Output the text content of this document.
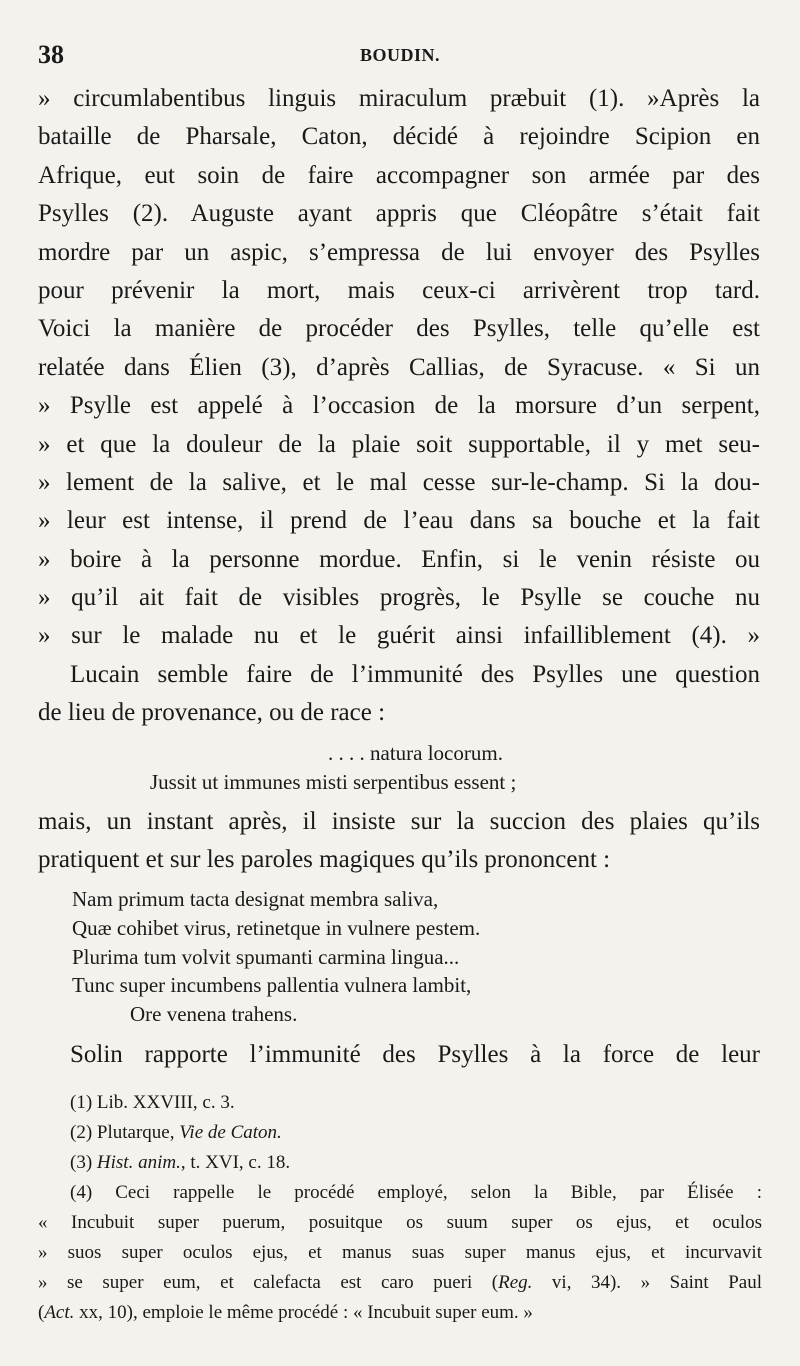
38	BOUDIN.
» circumlabentibus linguis miraculum præbuit (1). »Après la
bataille de Pharsale, Caton, décidé à rejoindre Scipion en
Afrique, eut soin de faire accompagner son armée par des
Psylles (2). Auguste ayant appris que Cléopâtre s’était fait
mordre par un aspic, s’empressa de lui envoyer des Psylles
pour prévenir la mort, mais ceux-ci arrivèrent trop tard.
Voici la manière de procéder des Psylles, telle qu’elle est
relatée dans Élien (3), d’après Callias, de Syracuse. « Si un
» Psylle est appelé à l’occasion de la morsure d’un serpent,
» et que la douleur de la plaie soit supportable, il y met seu-
» lement de la salive, et le mal cesse sur-le-champ. Si la dou-
» leur est intense, il prend de l’eau dans sa bouche et la fait
» boire à la personne mordue. Enfin, si le venin résiste ou
» qu’il ait fait de visibles progrès, le Psylle se couche nu
» sur le malade nu et le guérit ainsi infailliblement (4). »
Lucain semble faire de l’immunité des Psylles une question
de lieu de provenance, ou de race :
. . . . natura locorum.
Jussit ut immunes misti serpentibus essent ;
mais, un instant après, il insiste sur la succion des plaies qu’ils
pratiquent et sur les paroles magiques qu’ils prononcent :
Nam primum tacta designat membra saliva,
Quæ cohibet virus, retinetque in vulnere pestem.
Plurima tum volvit spumanti carmina lingua...
Tunc super incumbens pallentia vulnera lambit,
Ore venena trahens.
Solin rapporte l’immunité des Psylles à la force de leur
(1) Lib. XXVIII, c. 3.
(2) Plutarque, Vie de Caton.
(3) Hist. anim., t. XVI, c. 18.
(4) Ceci rappelle le procédé employé, selon la Bible, par Élisée :
« Incubuit super puerum, posuitque os suum super os ejus, et oculos
» suos super oculos ejus, et manus suas super manus ejus, et incurvavit
» se super eum, et calefacta est caro pueri (Reg. vi, 34). » Saint Paul
(Act. xx, 10), emploie le même procédé : « Incubuit super eum. »
